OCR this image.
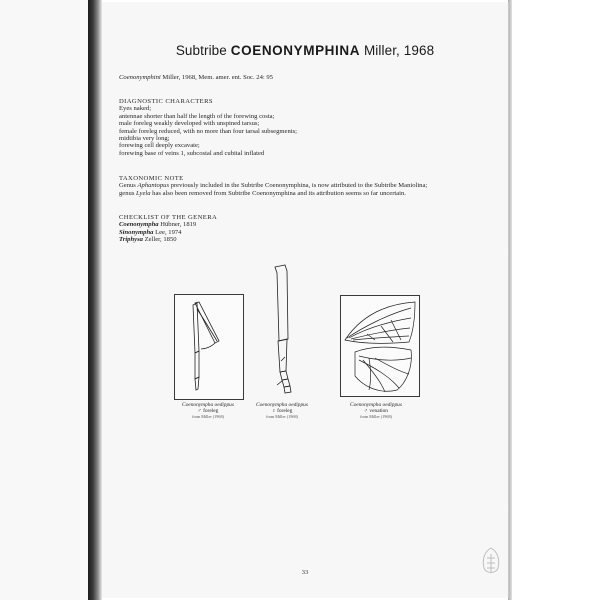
Subtribe COENONYMPHINA Miller, 1968
Coenonymphini Miller, 1968, Mem. amer. ent. Soc. 24: 95
DIAGNOSTIC CHARACTERS
Eyes naked;
antennae shorter than half the length of the forewing costa;
male foreleg weakly developed with unspined tarsus;
female foreleg reduced, with no more than four tarsal subsegments;
midtibia very long;
forewing cell deeply excavate;
forewing base of veins 1, subcostal and cubital inflated
TAXONOMIC NOTE
Genus Aphantopus previously included in the Subtribe Coenonymphina, is now attributed to the Subtribe Maniolina;
genus Lyela has also been removed from Subtribe Coenonymphina and its attribution seems so far uncertain.
CHECKLIST OF THE GENERA
Coenonympha Hübner, 1819
Sinonympha Lee, 1974
Triphysa Zeller, 1850
Coenonympha oedippus
♂ foreleg
from Miller (1968)
Coenonympha oedippus
♀ foreleg
from Miller (1968)
Coenonympha oedippus
♂ venation
from Miller (1968)
33
